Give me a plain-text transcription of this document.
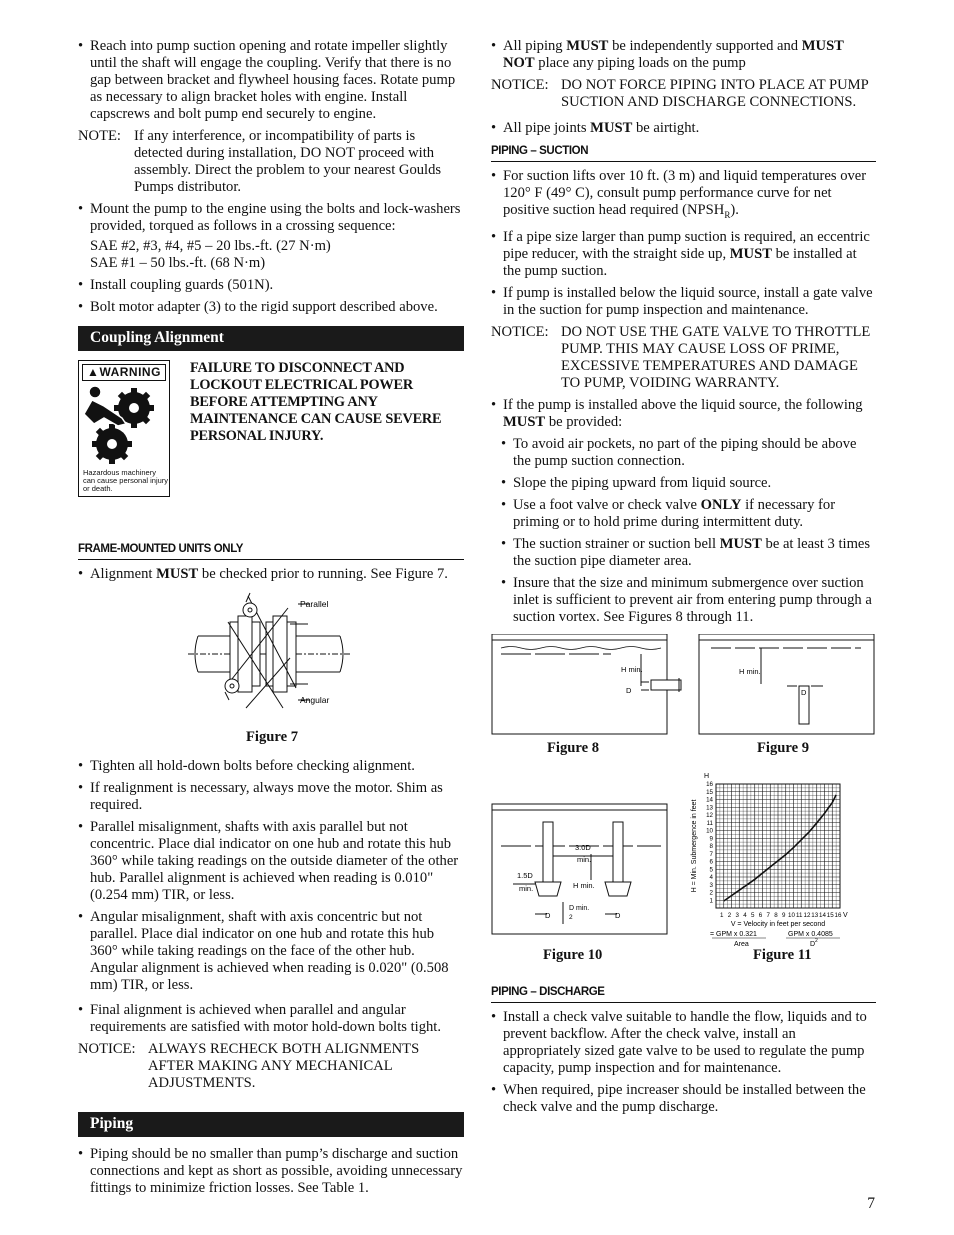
• Reach into pump suction opening and rotate impeller slightly until the shaft will engage the coupling. Verify that there is no gap between bracket and flywheel housing faces. Rotate pump as necessary to align bracket holes with engine. Install capscrews and bolt pump end securely to engine.
NOTE: If any interference, or incompatibility of parts is detected during installation, DO NOT proceed with assembly. Direct the problem to your nearest Goulds Pumps distributor.
• Mount the pump to the engine using the bolts and lock-washers provided, torqued as follows in a crossing sequence:
SAE #2, #3, #4, #5 – 20 lbs.-ft. (27 N·m)
SAE #1 – 50 lbs.-ft. (68 N·m)
• Install coupling guards (501N).
• Bolt motor adapter (3) to the rigid support described above.
Coupling Alignment
▲WARNING
Hazardous machinery can cause personal injury or death.
FAILURE TO DISCONNECT AND LOCKOUT ELECTRICAL POWER BEFORE ATTEMPTING ANY MAINTENANCE CAN CAUSE SEVERE PERSONAL INJURY.
FRAME-MOUNTED UNITS ONLY
• Alignment MUST be checked prior to running. See Figure 7.
Parallel
Angular
Figure 7
• Tighten all hold-down bolts before checking alignment.
• If realignment is necessary, always move the motor. Shim as required.
• Parallel misalignment, shafts with axis parallel but not concentric. Place dial indicator on one hub and rotate this hub 360° while taking readings on the outside diameter of the other hub. Parallel alignment is achieved when reading is 0.010" (0.254 mm) TIR, or less.
• Angular misalignment, shaft with axis concentric but not parallel. Place dial indicator on one hub and rotate this hub 360° while taking readings on the face of the other hub. Angular alignment is achieved when reading is 0.020" (0.508 mm) TIR, or less.
• Final alignment is achieved when parallel and angular requirements are satisfied with motor hold-down bolts tight.
NOTICE: ALWAYS RECHECK BOTH ALIGNMENTS AFTER MAKING ANY MECHANICAL ADJUSTMENTS.
Piping
• Piping should be no smaller than pump’s discharge and suction connections and kept as short as possible, avoiding unnecessary fittings to minimize friction losses. See Table 1.
• All piping MUST be independently supported and MUST NOT place any piping loads on the pump
NOTICE: DO NOT FORCE PIPING INTO PLACE AT PUMP SUCTION AND DISCHARGE CONNECTIONS.
• All pipe joints MUST be airtight.
PIPING – SUCTION
• For suction lifts over 10 ft. (3 m) and liquid temperatures over 120° F (49° C), consult pump performance curve for net positive suction head required $(NPSH_R)$.
• If a pipe size larger than pump suction is required, an eccentric pipe reducer, with the straight side up, MUST be installed at the pump suction.
• If pump is installed below the liquid source, install a gate valve in the suction for pump inspection and maintenance.
NOTICE: DO NOT USE THE GATE VALVE TO THROTTLE PUMP. THIS MAY CAUSE LOSS OF PRIME, EXCESSIVE TEMPERATURES AND DAMAGE TO PUMP, VOIDING WARRANTY.
• If the pump is installed above the liquid source, the following MUST be provided:
• To avoid air pockets, no part of the piping should be above the pump suction connection.
• Slope the piping upward from liquid source.
• Use a foot valve or check valve ONLY if necessary for priming or to hold prime during intermittent duty.
• The suction strainer or suction bell MUST be at least 3 times the suction pipe diameter area.
• Insure that the size and minimum submergence over suction inlet is sufficient to prevent air from entering pump through a suction vortex. See Figures 8 through 11.
H min.
D
H min.
D
3.0D
min.
1.5D
min.	H min.
D
D min.
2	D	1 2 3 4 5 6 7 8 9 10 11 12 13 14 15 16
1
2
3
4
5
6
7
8
9
10
11
12
13
14
15
16
H
V
H = Min. Submergence in feet
V = Velocity in feet per second
= GPM x 0.321
Area
GPM x 0.4085
D 2
Figure 8	Figure 9
Figure 10	Figure 11
PIPING – DISCHARGE
• Install a check valve suitable to handle the flow, liquids and to prevent backflow. After the check valve, install an appropriately sized gate valve to be used to regulate the pump capacity, pump inspection and for maintenance.
• When required, pipe increaser should be installed between the check valve and the pump discharge.
7
